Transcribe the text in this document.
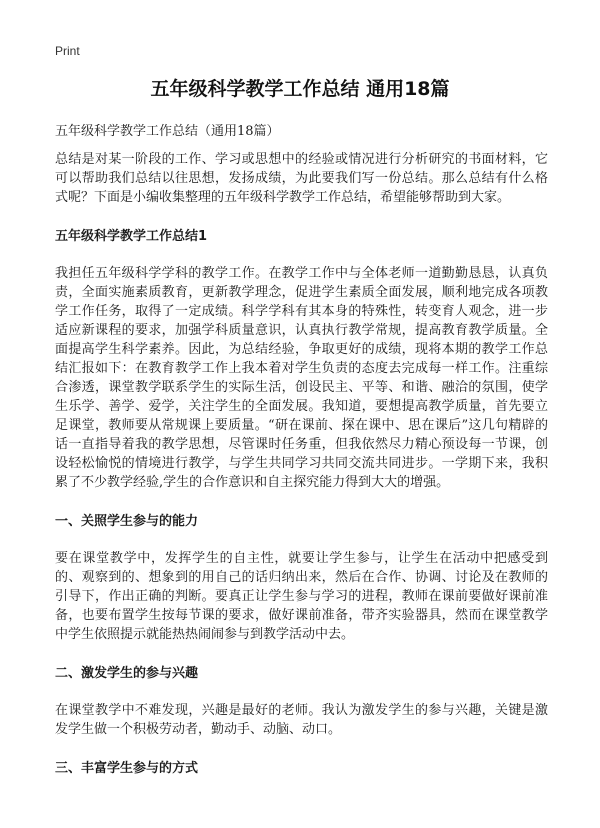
Print
五年级科学教学工作总结 通用18篇

五年级科学教学工作总结（通用18篇）

总结是对某一阶段的工作、学习或思想中的经验或情况进行分析研究的书面材料，它可以帮助我们总结以往思想，发扬成绩，为此要我们写一份总结。那么总结有什么格式呢？下面是小编收集整理的五年级科学教学工作总结，希望能够帮助到大家。

五年级科学教学工作总结1

我担任五年级科学学科的教学工作。在教学工作中与全体老师一道勤勤恳恳，认真负责，全面实施素质教育，更新教学理念，促进学生素质全面发展，顺利地完成各项教学工作任务，取得了一定成绩。科学学科有其本身的特殊性，转变育人观念，进一步适应新课程的要求，加强学科质量意识，认真执行教学常规，提高教育教学质量。全面提高学生科学素养。因此，为总结经验，争取更好的成绩，现将本期的教学工作总结汇报如下：在教育教学工作上我本着对学生负责的态度去完成每一样工作。注重综合渗透，课堂教学联系学生的实际生活，创设民主、平等、和谐、融洽的氛围，使学生乐学、善学、爱学，关注学生的全面发展。我知道，要想提高教学质量，首先要立足课堂，教师要从常规课上要质量。“研在课前、探在课中、思在课后”这几句精辟的话一直指导着我的教学思想，尽管课时任务重，但我依然尽力精心预设每一节课，创设轻松愉悦的情境进行教学，与学生共同学习共同交流共同进步。一学期下来，我积累了不少教学经验,学生的合作意识和自主探究能力得到大大的增强。

一、关照学生参与的能力

要在课堂教学中，发挥学生的自主性，就要让学生参与，让学生在活动中把感受到的、观察到的、想象到的用自己的话归纳出来，然后在合作、协调、讨论及在教师的引导下，作出正确的判断。要真正让学生参与学习的进程，教师在课前要做好课前准备，也要布置学生按每节课的要求，做好课前准备，带齐实验器具，然而在课堂教学中学生依照提示就能热热闹闹参与到教学活动中去。

二、激发学生的参与兴趣

在课堂教学中不难发现，兴趣是最好的老师。我认为激发学生的参与兴趣，关键是激发学生做一个积极劳动者，勤动手、动脑、动口。

三、丰富学生参与的方式
